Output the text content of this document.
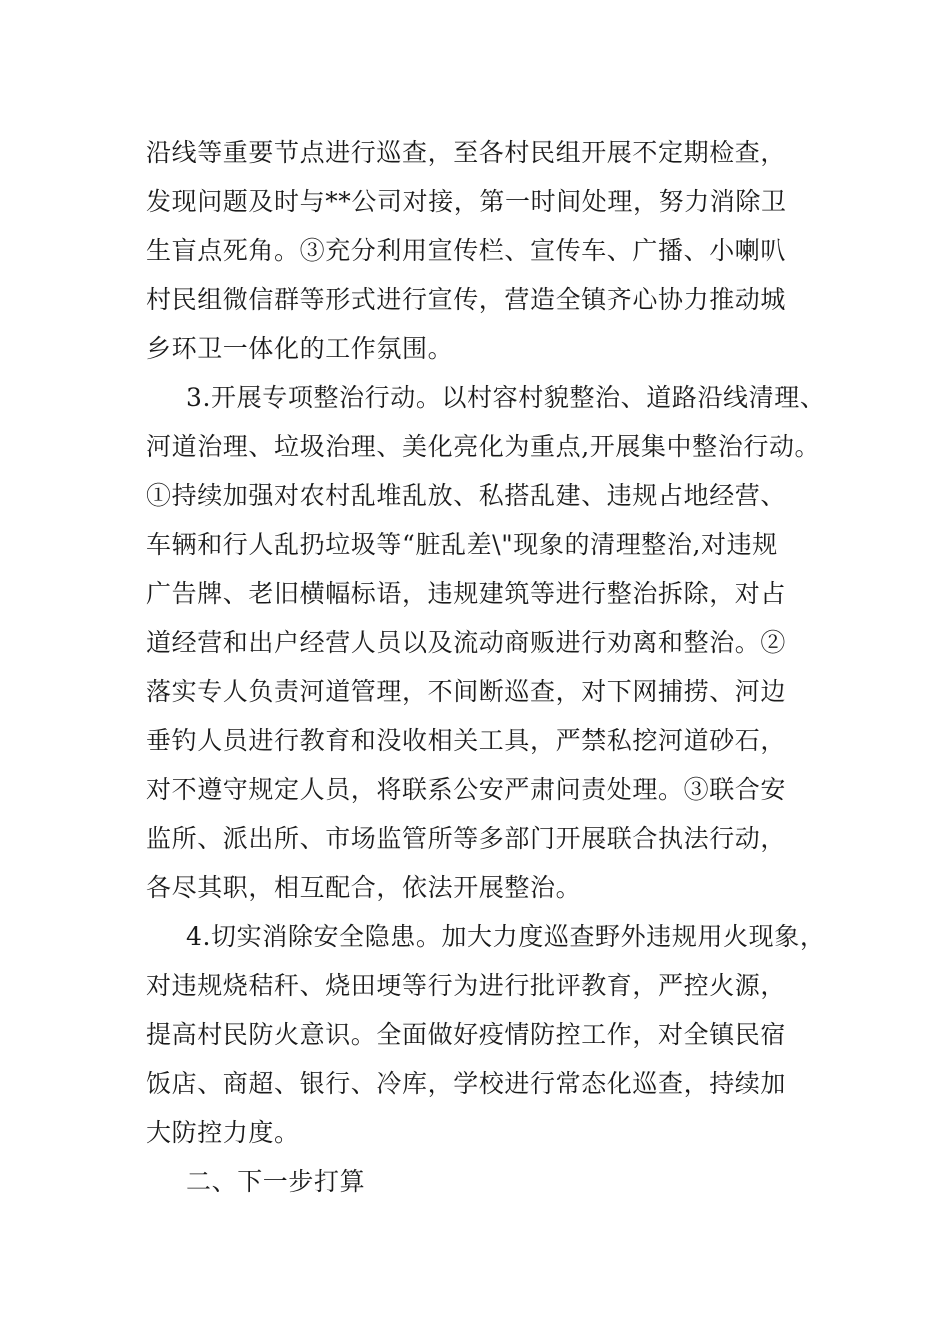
沿线等重要节点进行巡查，至各村民组开展不定期检查，
发现问题及时与**公司对接，第一时间处理，努力消除卫
生盲点死角。③充分利用宣传栏、宣传车、广播、小喇叭
村民组微信群等形式进行宣传，营造全镇齐心协力推动城
乡环卫一体化的工作氛围。
3.开展专项整治行动。以村容村貌整治、道路沿线清理、
河道治理、垃圾治理、美化亮化为重点,开展集中整治行动。
①持续加强对农村乱堆乱放、私搭乱建、违规占地经营、
车辆和行人乱扔垃圾等“脏乱差\"现象的清理整治,对违规
广告牌、老旧横幅标语，违规建筑等进行整治拆除，对占
道经营和出户经营人员以及流动商贩进行劝离和整治。②
落实专人负责河道管理，不间断巡查，对下网捕捞、河边
垂钓人员进行教育和没收相关工具，严禁私挖河道砂石，
对不遵守规定人员，将联系公安严肃问责处理。③联合安
监所、派出所、市场监管所等多部门开展联合执法行动，
各尽其职，相互配合，依法开展整治。
4.切实消除安全隐患。加大力度巡查野外违规用火现象，
对违规烧秸秆、烧田埂等行为进行批评教育，严控火源，
提高村民防火意识。全面做好疫情防控工作，对全镇民宿
饭店、商超、银行、冷库，学校进行常态化巡查，持续加
大防控力度。
二、下一步打算
